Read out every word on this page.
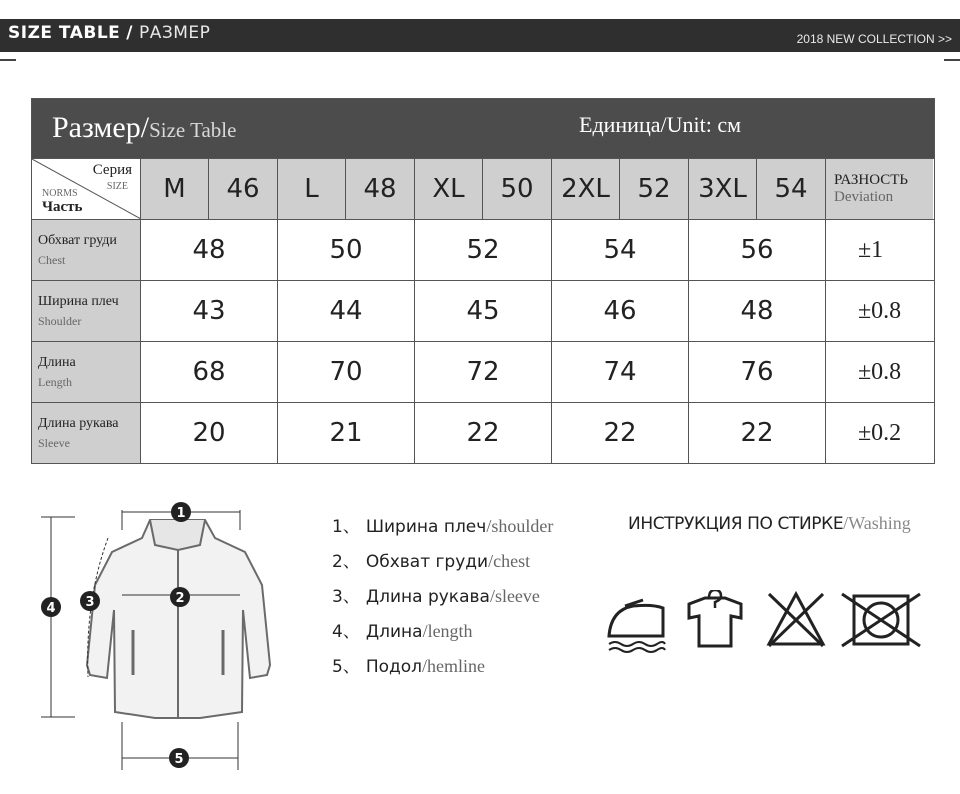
SIZE TABLE / РАЗМЕР	2018 NEW COLLECTION >>
Размер/Size Table	Единица/Unit: см
Серия
SIZE
NORMS
Часть
M	46	L	48	XL	50	2XL	52	3XL	54	РАЗНОСТЬ
Deviation
Обхват груди
Chest	48	50	52	54	56	±1
Ширина плеч
Shoulder	43	44	45	46	48	±0.8
Длина
Length	68	70	72	74	76	±0.8
Длина рукава
Sleeve	20	21	22	22	22	±0.2
1
2
3
4
5
1、 Ширина плеч/shoulder
2、 Обхват груди/chest
3、 Длина рукава/sleeve
4、 Длина/length
5、 Подол/hemline
ИНСТРУКЦИЯ ПО СТИРКЕ/Washing
